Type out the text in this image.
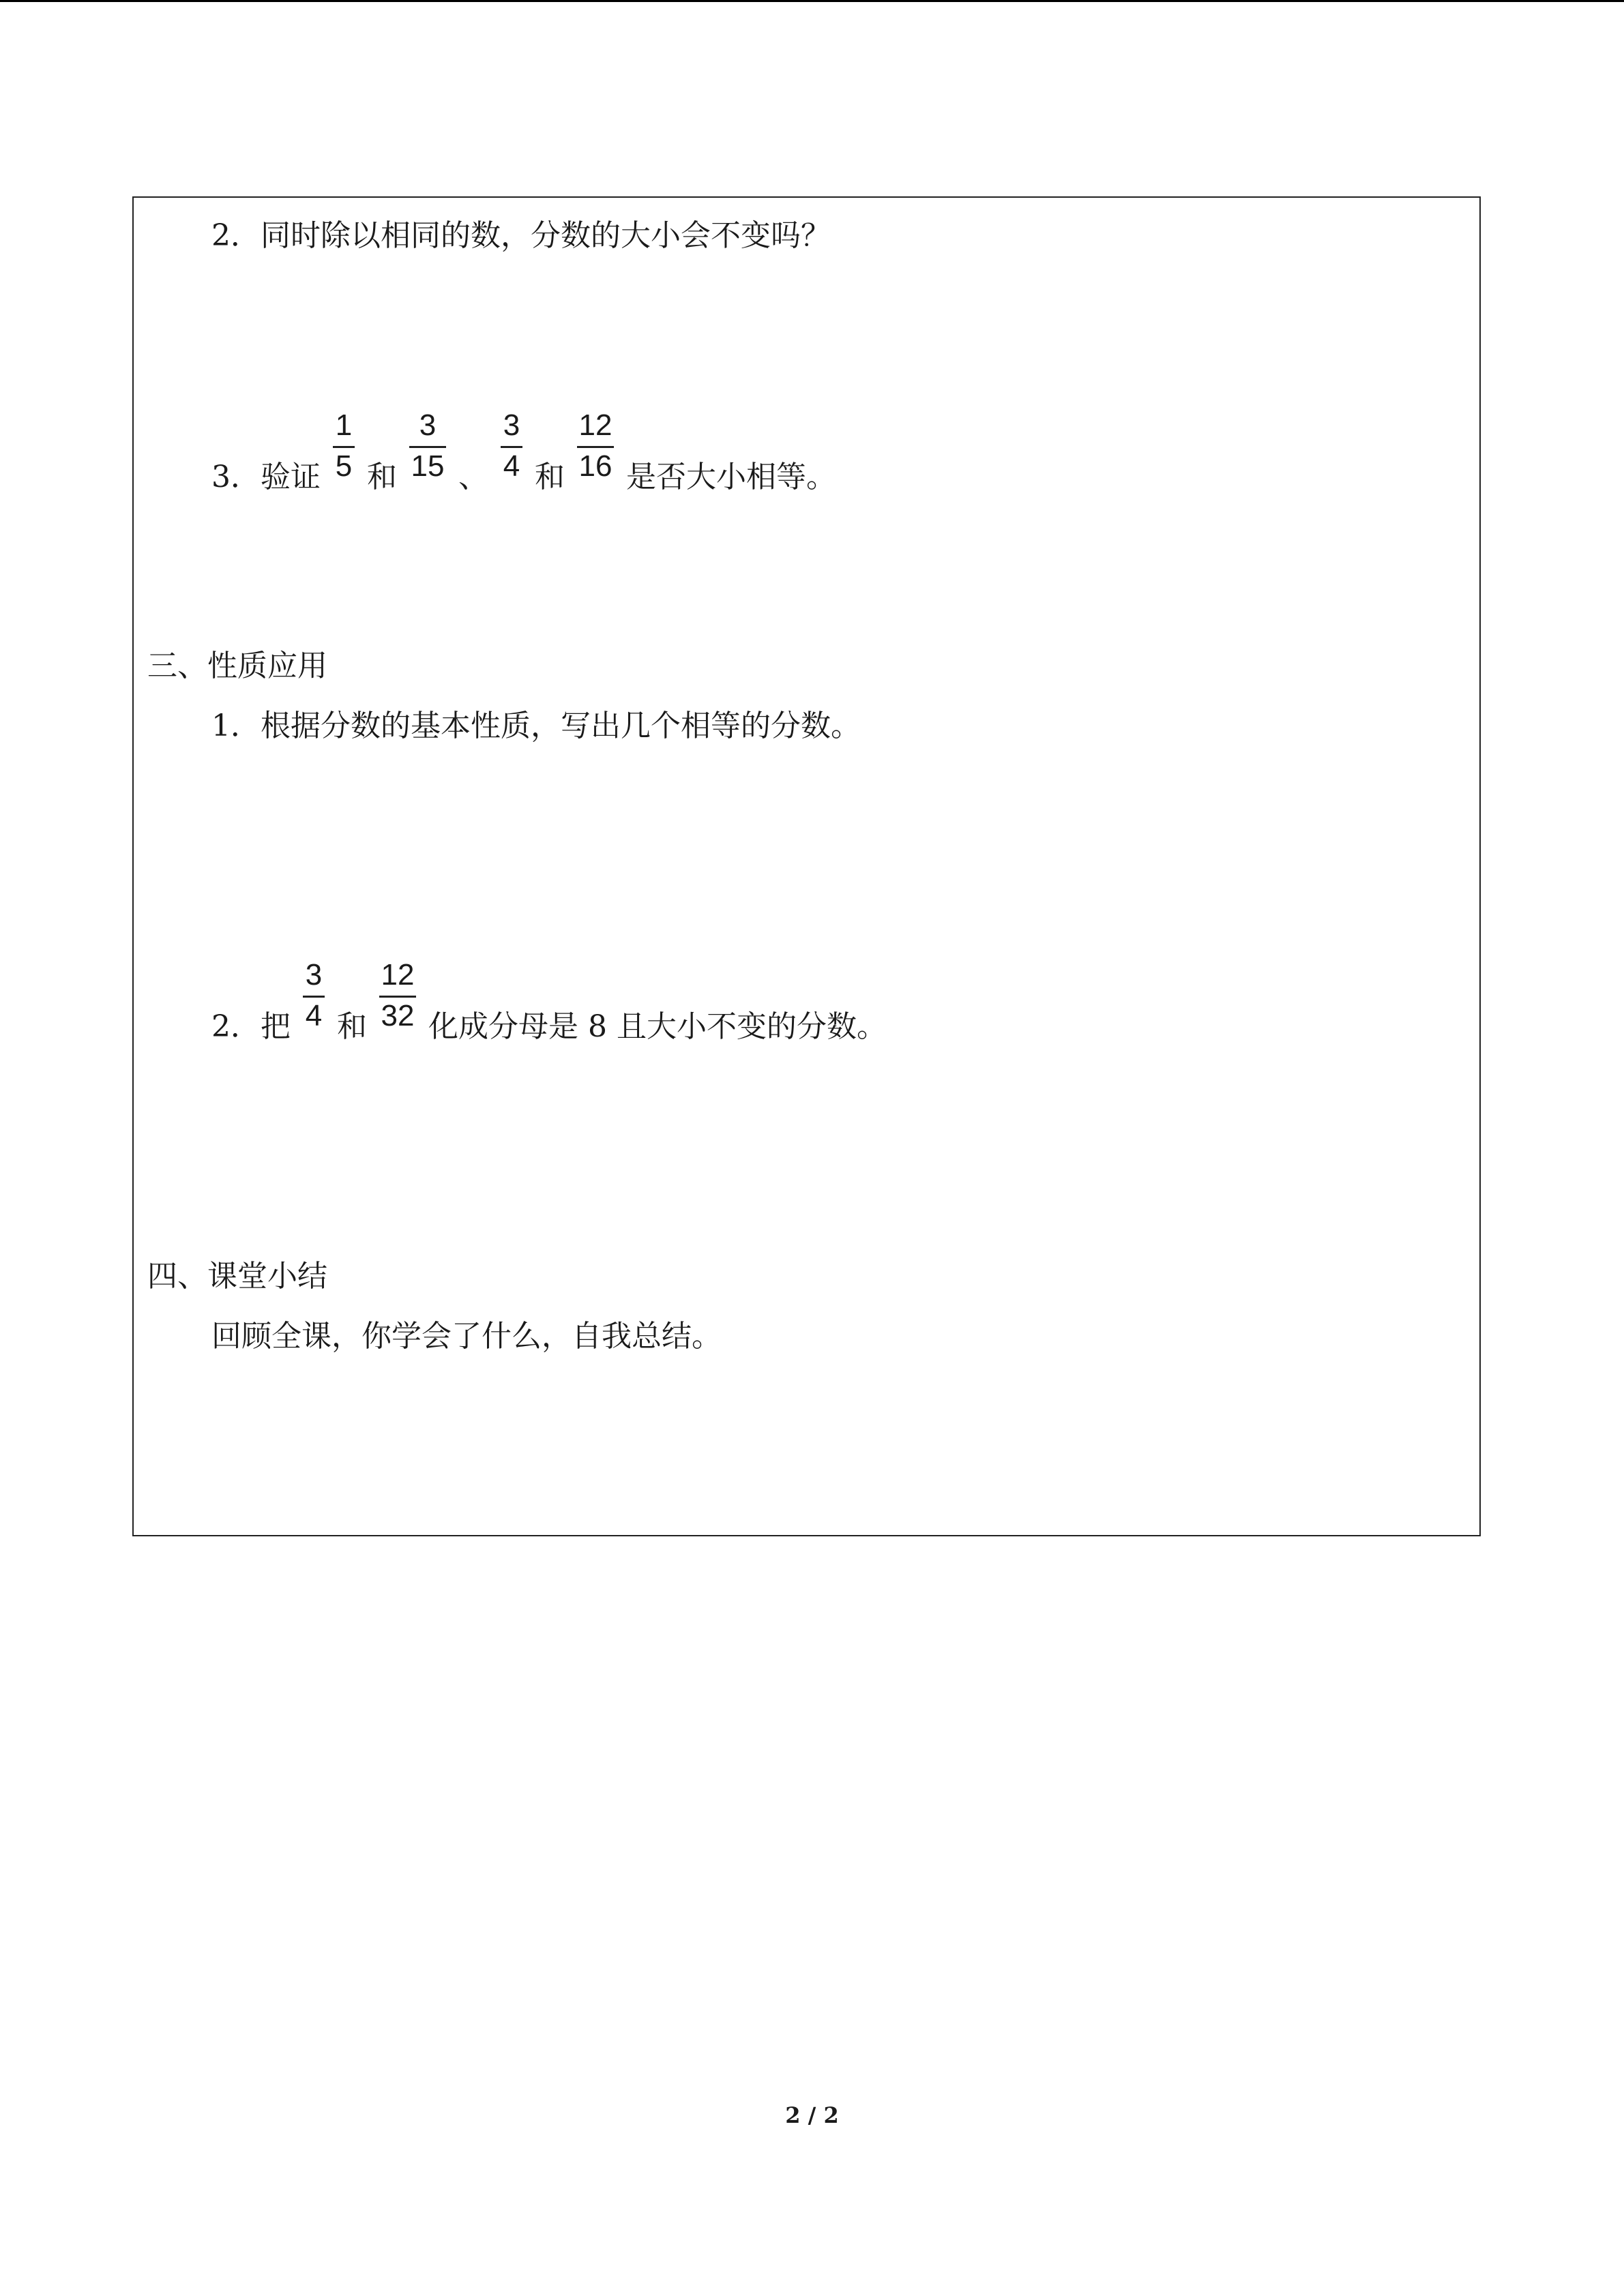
2．同时除以相同的数，分数的大小会不变吗？
3．验证 $\frac{1}{5}$ 和 $\frac{3}{15}$ 、 $\frac{3}{4}$ 和 $\frac{12}{16}$ 是否大小相等。
三、性质应用
1．根据分数的基本性质，写出几个相等的分数。
2．把 $\frac{3}{4}$ 和 $\frac{12}{32}$ 化成分母是 8 且大小不变的分数。
四、课堂小结
回顾全课，你学会了什么，自我总结。
2 / 2
